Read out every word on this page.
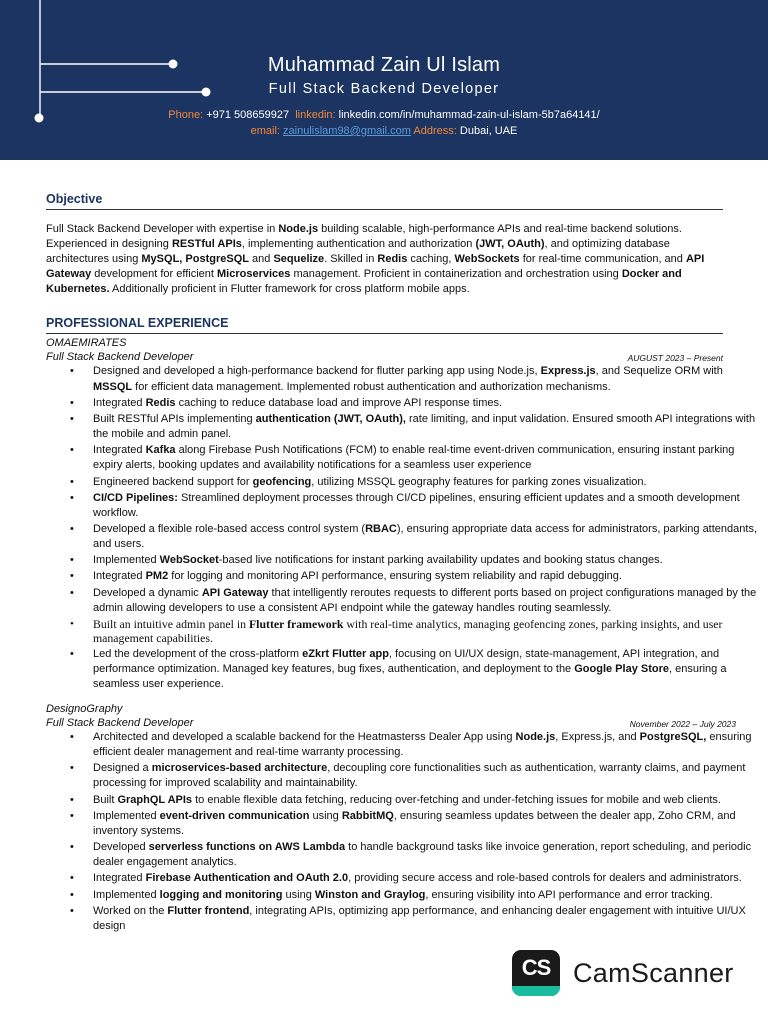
Muhammad Zain Ul Islam
Full Stack Backend Developer
Phone: +971 508659927 linkedin: linkedin.com/in/muhammad-zain-ul-islam-5b7a64141/
email: zainulislam98@gmail.com Address: Dubai, UAE
Objective
Full Stack Backend Developer with expertise in Node.js building scalable, high-performance APIs and real-time backend solutions. Experienced in designing RESTful APIs, implementing authentication and authorization (JWT, OAuth), and optimizing database architectures using MySQL, PostgreSQL and Sequelize. Skilled in Redis caching, WebSockets for real-time communication, and API Gateway development for efficient Microservices management. Proficient in containerization and orchestration using Docker and Kubernetes. Additionally proficient in Flutter framework for cross platform mobile apps.
PROFESSIONAL EXPERIENCE
OMAEMIRATES
Full Stack Backend Developer	AUGUST 2023 – Present
• Designed and developed a high-performance backend for flutter parking app using Node.js, Express.js, and Sequelize ORM with MSSQL for efficient data management. Implemented robust authentication and authorization mechanisms.
• Integrated Redis caching to reduce database load and improve API response times.
• Built RESTful APIs implementing authentication (JWT, OAuth), rate limiting, and input validation. Ensured smooth API integrations with the mobile and admin panel.
• Integrated Kafka along Firebase Push Notifications (FCM) to enable real-time event-driven communication, ensuring instant parking expiry alerts, booking updates and availability notifications for a seamless user experience
• Engineered backend support for geofencing, utilizing MSSQL geography features for parking zones visualization.
• CI/CD Pipelines: Streamlined deployment processes through CI/CD pipelines, ensuring efficient updates and a smooth development workflow.
• Developed a flexible role-based access control system (RBAC), ensuring appropriate data access for administrators, parking attendants, and users.
• Implemented WebSocket-based live notifications for instant parking availability updates and booking status changes.
• Integrated PM2 for logging and monitoring API performance, ensuring system reliability and rapid debugging.
• Developed a dynamic API Gateway that intelligently reroutes requests to different ports based on project configurations managed by the admin allowing developers to use a consistent API endpoint while the gateway handles routing seamlessly.
• Built an intuitive admin panel in Flutter framework with real-time analytics, managing geofencing zones, parking insights, and user management capabilities.
• Led the development of the cross-platform eZkrt Flutter app, focusing on UI/UX design, state-management, API integration, and performance optimization. Managed key features, bug fixes, authentication, and deployment to the Google Play Store, ensuring a seamless user experience.
DesignoGraphy
Full Stack Backend Developer	November 2022 – July 2023
• Architected and developed a scalable backend for the Heatmasterss Dealer App using Node.js, Express.js, and PostgreSQL, ensuring efficient dealer management and real-time warranty processing.
• Designed a microservices-based architecture, decoupling core functionalities such as authentication, warranty claims, and payment processing for improved scalability and maintainability.
• Built GraphQL APIs to enable flexible data fetching, reducing over-fetching and under-fetching issues for mobile and web clients.
• Implemented event-driven communication using RabbitMQ, ensuring seamless updates between the dealer app, Zoho CRM, and inventory systems.
• Developed serverless functions on AWS Lambda to handle background tasks like invoice generation, report scheduling, and periodic dealer engagement analytics.
• Integrated Firebase Authentication and OAuth 2.0, providing secure access and role-based controls for dealers and administrators.
• Implemented logging and monitoring using Winston and Graylog, ensuring visibility into API performance and error tracking.
• Worked on the Flutter frontend, integrating APIs, optimizing app performance, and enhancing dealer engagement with intuitive UI/UX design
CS CamScanner
